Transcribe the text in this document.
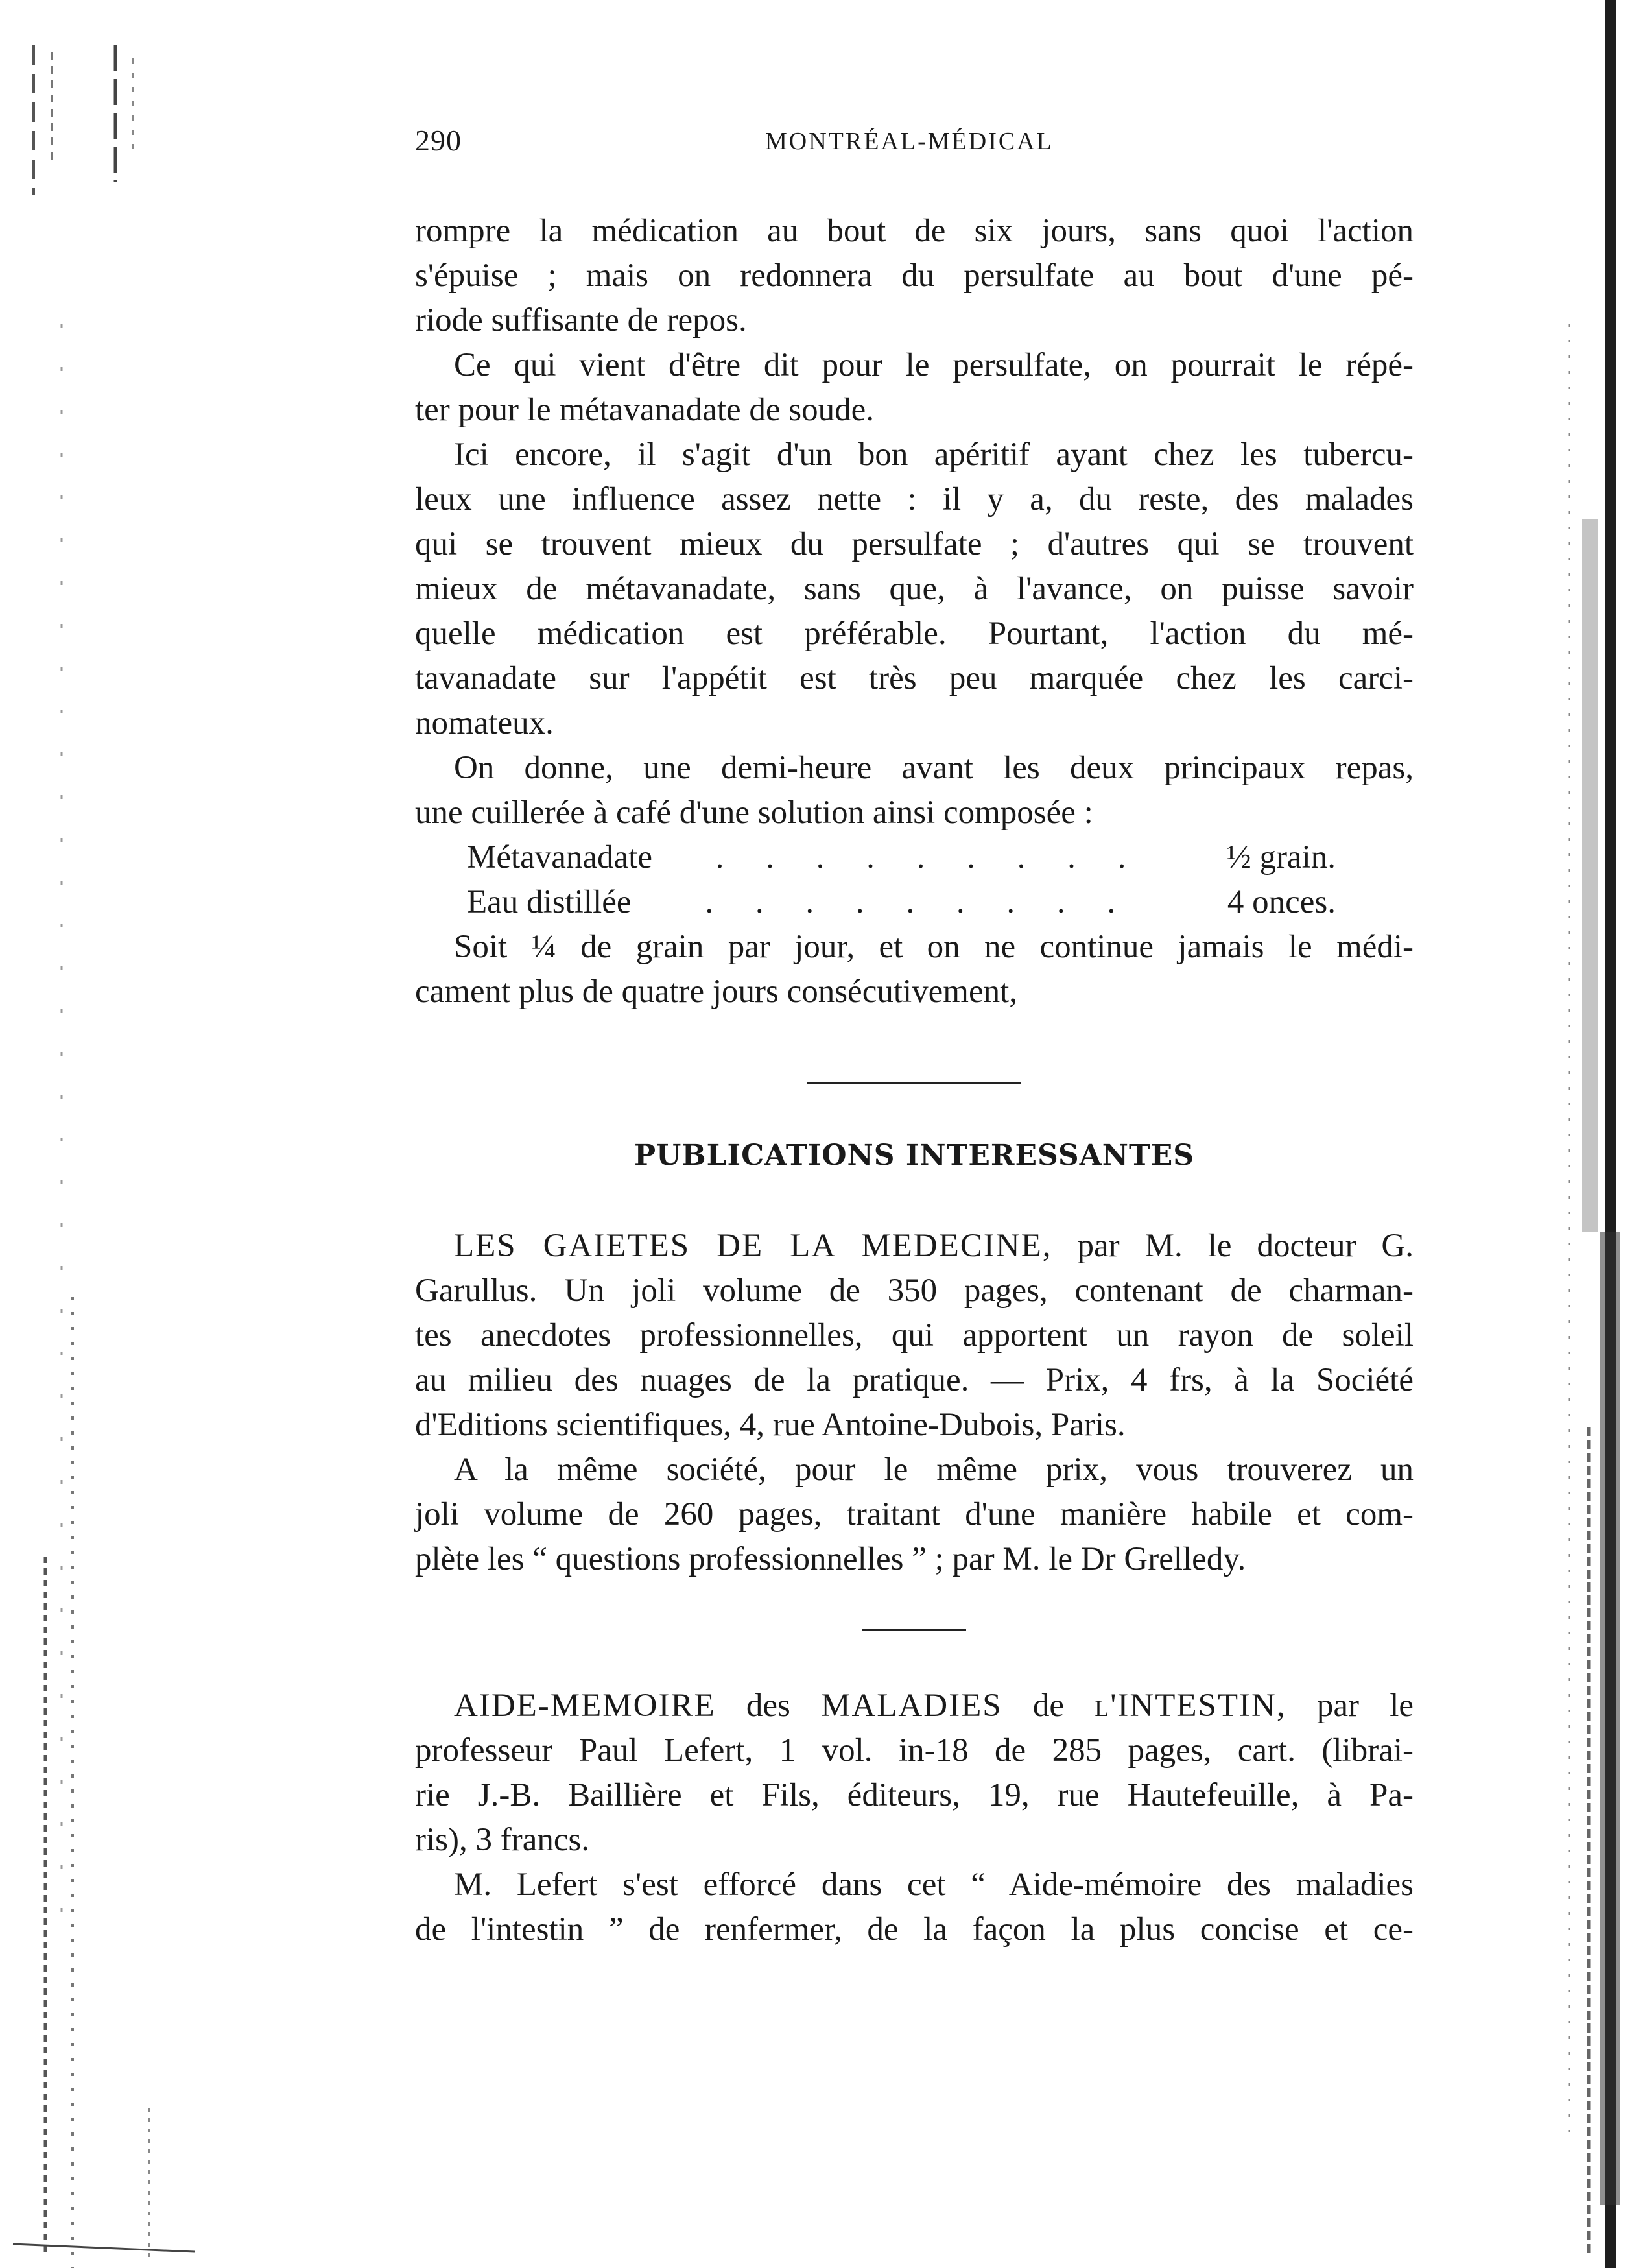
290	MONTRÉAL-MÉDICAL

rompre la médication au bout de six jours, sans quoi l'action

s'épuise ; mais on redonnera du persulfate au bout d'une pé-

riode suffisante de repos.

Ce qui vient d'être dit pour le persulfate, on pourrait le répé-

ter pour le métavanadate de soude.

Ici encore, il s'agit d'un bon apéritif ayant chez les tubercu-

leux une influence assez nette : il y a, du reste, des malades

qui se trouvent mieux du persulfate ; d'autres qui se trouvent

mieux de métavanadate, sans que, à l'avance, on puisse savoir

quelle médication est préférable. Pourtant, l'action du mé-

tavanadate sur l'appétit est très peu marquée chez les carci-

nomateux.

On donne, une demi-heure avant les deux principaux repas,

une cuillerée à café d'une solution ainsi composée :

Métavanadate	. . . . . . . . .	½ grain.
Eau distillée	. . . . . . . . .	4 onces.

Soit ¼ de grain par jour, et on ne continue jamais le médi-

cament plus de quatre jours consécutivement,

PUBLICATIONS INTERESSANTES

LES GAIETES DE LA MEDECINE, par M. le docteur G.

Garullus. Un joli volume de 350 pages, contenant de charman-

tes anecdotes professionnelles, qui apportent un rayon de soleil

au milieu des nuages de la pratique. — Prix, 4 frs, à la Société

d'Editions scientifiques, 4, rue Antoine-Dubois, Paris.

A la même société, pour le même prix, vous trouverez un

joli volume de 260 pages, traitant d'une manière habile et com-

plète les “ questions professionnelles ” ; par M. le Dr Grelledy.

AIDE-MEMOIRE des MALADIES de l'INTESTIN, par le

professeur Paul Lefert, 1 vol. in-18 de 285 pages, cart. (librai-

rie J.-B. Baillière et Fils, éditeurs, 19, rue Hautefeuille, à Pa-

ris), 3 francs.

M. Lefert s'est efforcé dans cet “ Aide-mémoire des maladies

de l'intestin ” de renfermer, de la façon la plus concise et ce-
